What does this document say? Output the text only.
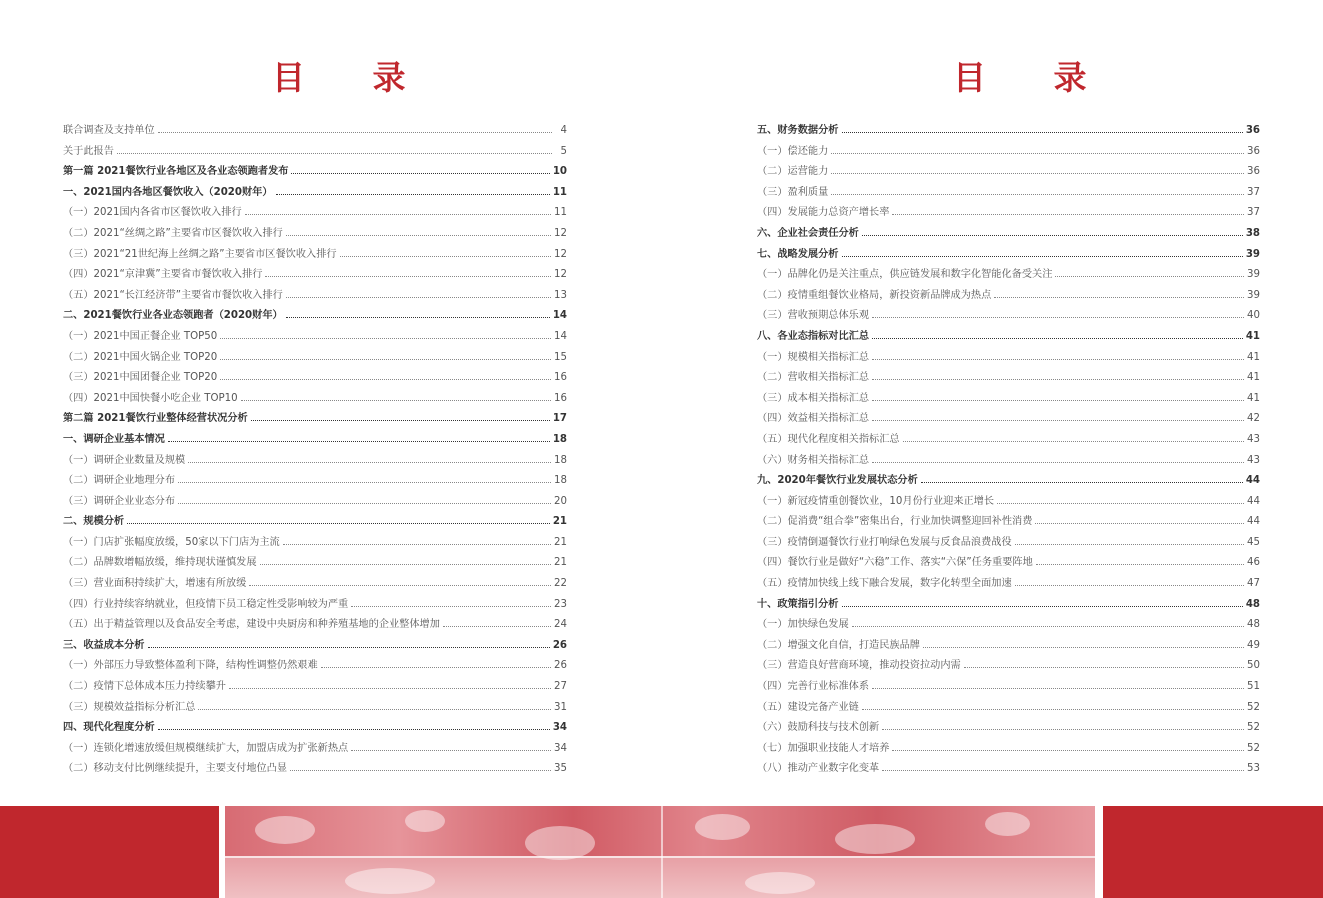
目 录	目 录
联合调查及支持单位	4
关于此报告	5
第一篇 2021餐饮行业各地区及各业态领跑者发布	10
一、2021国内各地区餐饮收入（2020财年）	11
（一）2021国内各省市区餐饮收入排行	11
（二）2021“丝绸之路”主要省市区餐饮收入排行	12
（三）2021“21世纪海上丝绸之路”主要省市区餐饮收入排行	12
（四）2021“京津冀”主要省市餐饮收入排行	12
（五）2021“长江经济带”主要省市餐饮收入排行	13
二、2021餐饮行业各业态领跑者（2020财年）	14
（一）2021中国正餐企业 TOP50	14
（二）2021中国火锅企业 TOP20	15
（三）2021中国团餐企业 TOP20	16
（四）2021中国快餐小吃企业 TOP10	16
第二篇 2021餐饮行业整体经营状况分析	17
一、调研企业基本情况	18
（一）调研企业数量及规模	18
（二）调研企业地理分布	18
（三）调研企业业态分布	20
二、规模分析	21
（一）门店扩张幅度放缓，50家以下门店为主流	21
（二）品牌数增幅放缓，维持现状谨慎发展	21
（三）营业面积持续扩大，增速有所放缓	22
（四）行业持续容纳就业，但疫情下员工稳定性受影响较为严重	23
（五）出于精益管理以及食品安全考虑，建设中央厨房和种养殖基地的企业整体增加	24
三、收益成本分析	26
（一）外部压力导致整体盈利下降，结构性调整仍然艰难	26
（二）疫情下总体成本压力持续攀升	27
（三）规模效益指标分析汇总	31
四、现代化程度分析	34
（一）连锁化增速放缓但规模继续扩大，加盟店成为扩张新热点	34
（二）移动支付比例继续提升，主要支付地位凸显	35
五、财务数据分析	36
（一）偿还能力	36
（二）运营能力	36
（三）盈利质量	37
（四）发展能力总资产增长率	37
六、企业社会责任分析	38
七、战略发展分析	39
（一）品牌化仍是关注重点，供应链发展和数字化智能化备受关注	39
（二）疫情重组餐饮业格局，新投资新品牌成为热点	39
（三）营收预期总体乐观	40
八、各业态指标对比汇总	41
（一）规模相关指标汇总	41
（二）营收相关指标汇总	41
（三）成本相关指标汇总	41
（四）效益相关指标汇总	42
（五）现代化程度相关指标汇总	43
（六）财务相关指标汇总	43
九、2020年餐饮行业发展状态分析	44
（一）新冠疫情重创餐饮业，10月份行业迎来正增长	44
（二）促消费“组合拳”密集出台，行业加快调整迎回补性消费	44
（三）疫情倒逼餐饮行业打响绿色发展与反食品浪费战役	45
（四）餐饮行业是做好“六稳”工作、落实“六保”任务重要阵地	46
（五）疫情加快线上线下融合发展，数字化转型全面加速	47
十、政策指引分析	48
（一）加快绿色发展	48
（二）增强文化自信，打造民族品牌	49
（三）营造良好营商环境，推动投资拉动内需	50
（四）完善行业标准体系	51
（五）建设完备产业链	52
（六）鼓励科技与技术创新	52
（七）加强职业技能人才培养	52
（八）推动产业数字化变革	53
